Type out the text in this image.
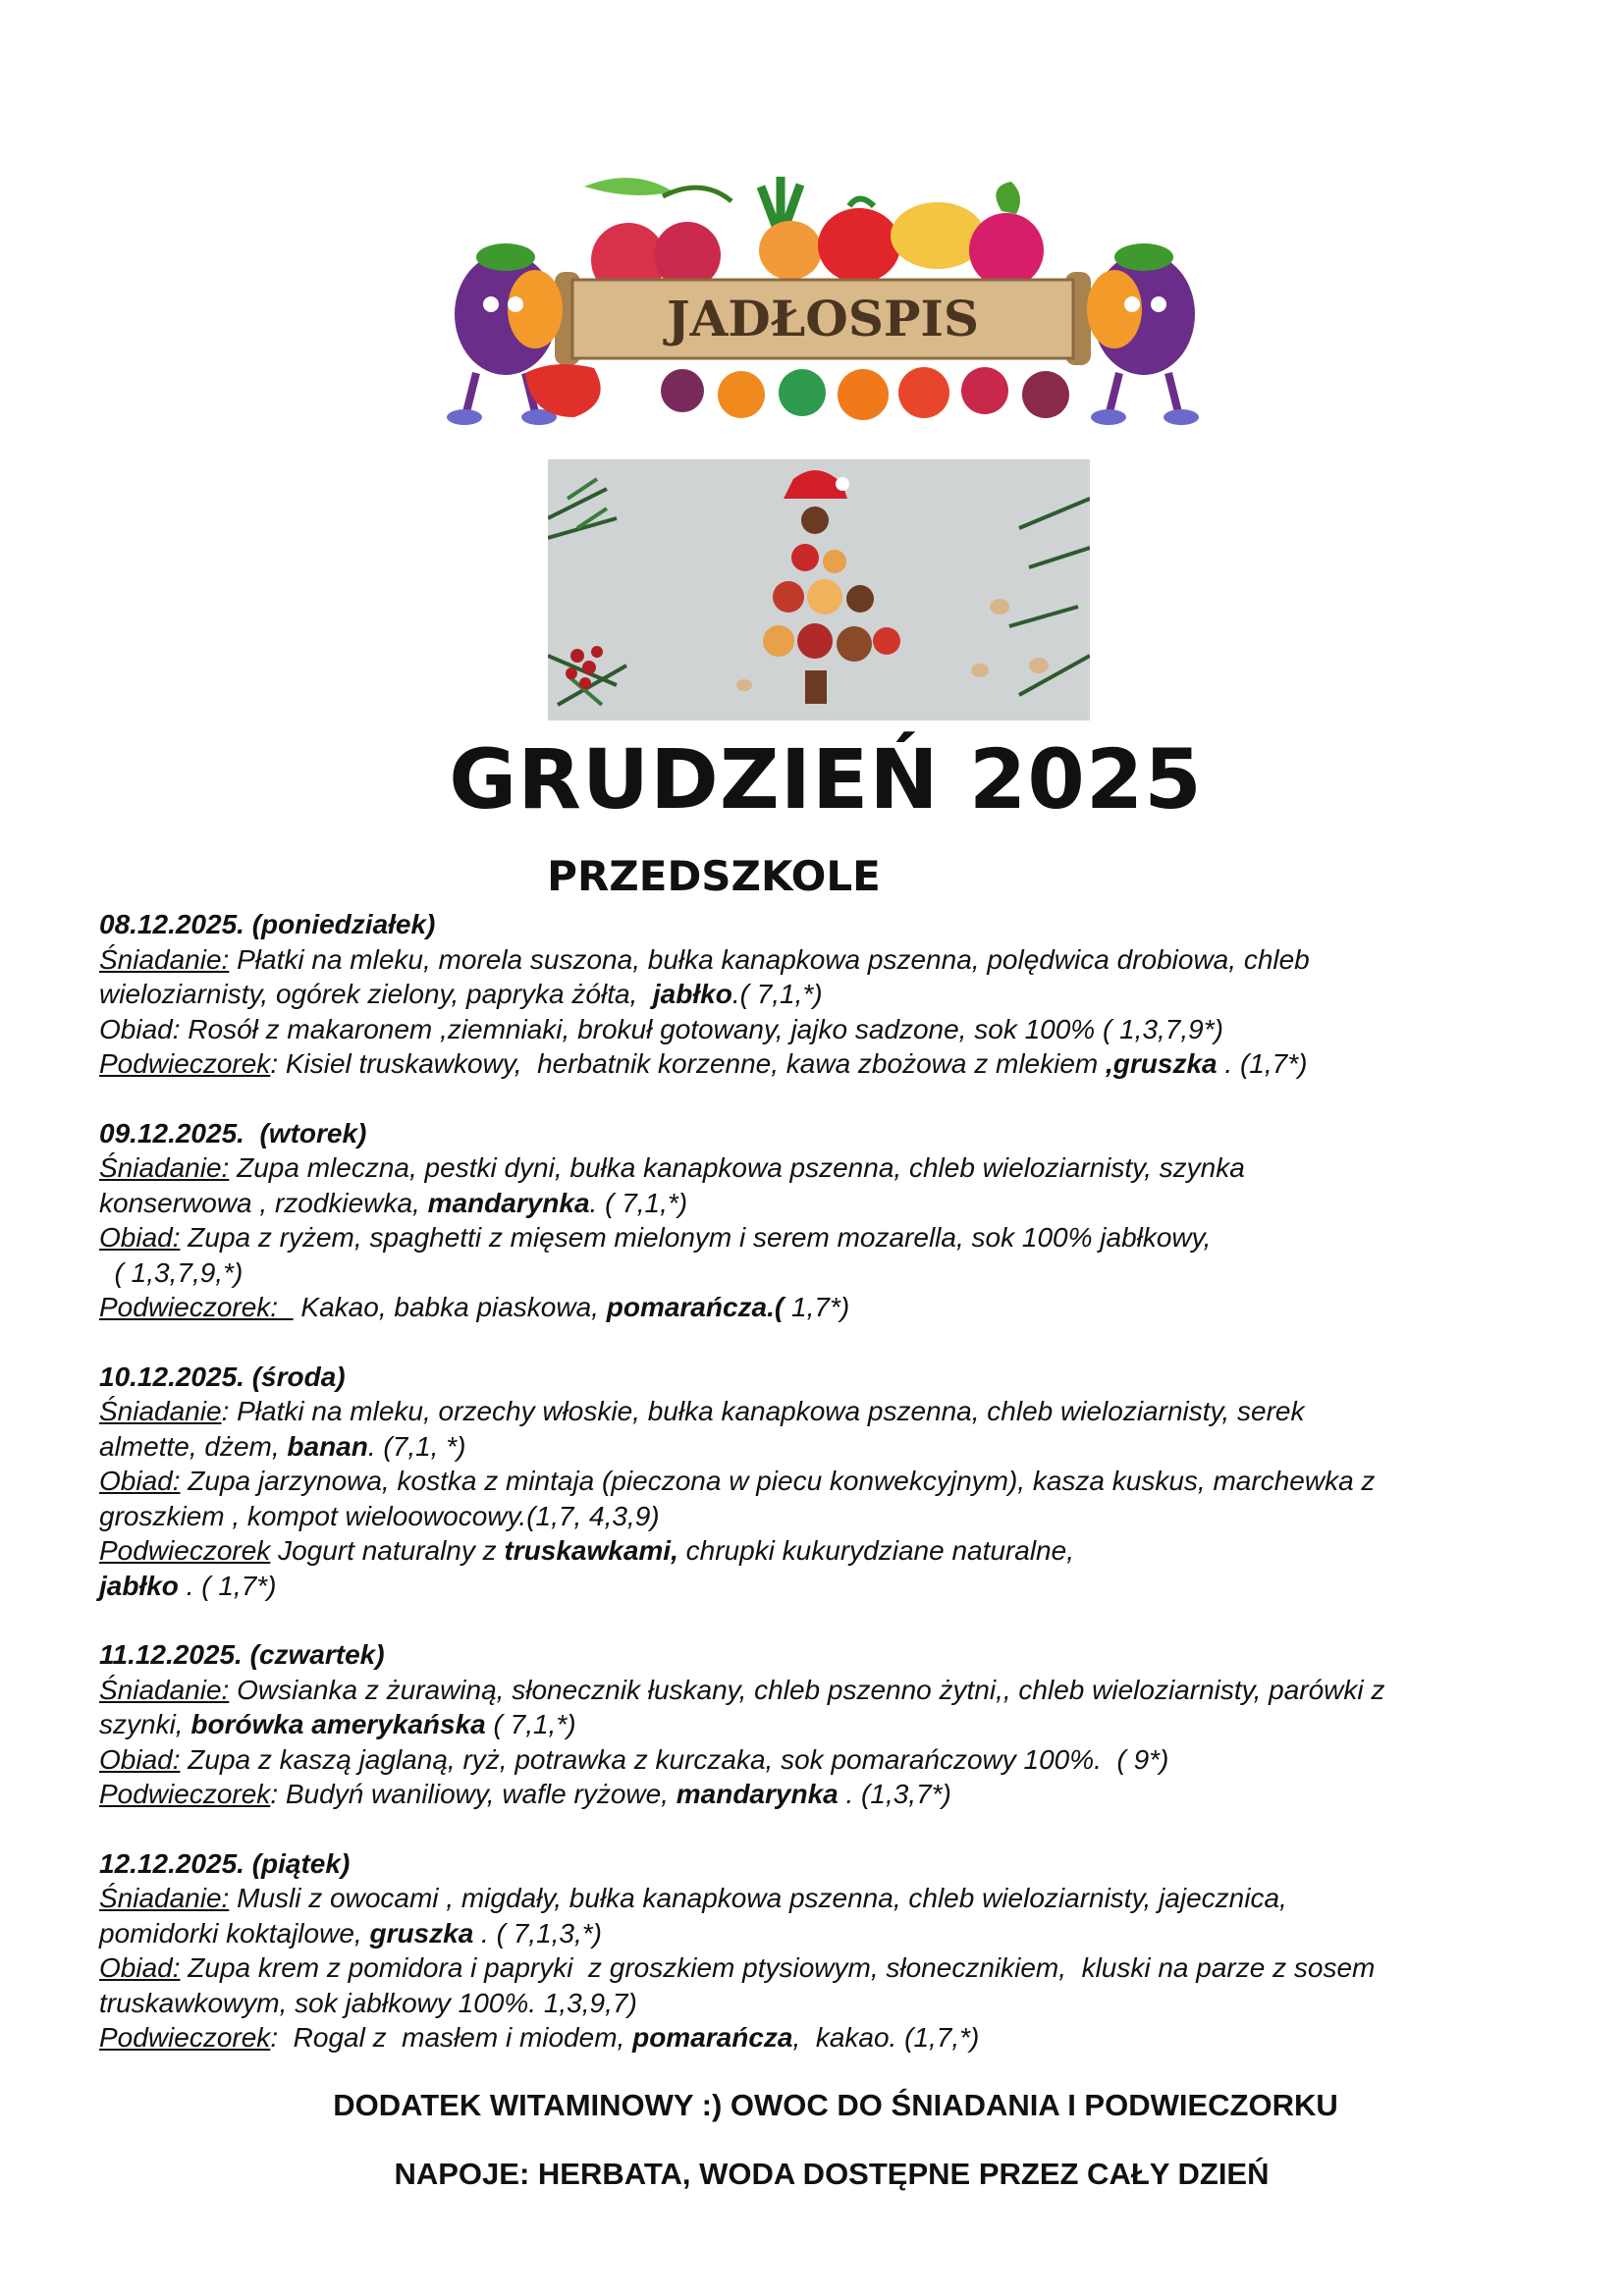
JADŁOSPIS
GRUDZIEŃ 2025
PRZEDSZKOLE
08.12.2025. (poniedziałek)
Śniadanie: Płatki na mleku, morela suszona, bułka kanapkowa pszenna, polędwica drobiowa, chleb
wieloziarnisty, ogórek zielony, papryka żółta,  jabłko.( 7,1,*)
Obiad: Rosół z makaronem ,ziemniaki, brokuł gotowany, jajko sadzone, sok 100% ( 1,3,7,9*)
Podwieczorek: Kisiel truskawkowy,  herbatnik korzenne, kawa zbożowa z mlekiem ,gruszka . (1,7*)
09.12.2025.  (wtorek)
Śniadanie: Zupa mleczna, pestki dyni, bułka kanapkowa pszenna, chleb wieloziarnisty, szynka
konserwowa , rzodkiewka, mandarynka. ( 7,1,*)
Obiad: Zupa z ryżem, spaghetti z mięsem mielonym i serem mozarella, sok 100% jabłkowy,
( 1,3,7,9,*)
Podwieczorek:   Kakao, babka piaskowa, pomarańcza.( 1,7*)
10.12.2025. (środa)
Śniadanie: Płatki na mleku, orzechy włoskie, bułka kanapkowa pszenna, chleb wieloziarnisty, serek
almette, dżem, banan. (7,1, *)
Obiad: Zupa jarzynowa, kostka z mintaja (pieczona w piecu konwekcyjnym), kasza kuskus, marchewka z
groszkiem , kompot wieloowocowy.(1,7, 4,3,9)
Podwieczorek Jogurt naturalny z truskawkami, chrupki kukurydziane naturalne,
jabłko . ( 1,7*)
11.12.2025. (czwartek)
Śniadanie: Owsianka z żurawiną, słonecznik łuskany, chleb pszenno żytni,, chleb wieloziarnisty, parówki z
szynki, borówka amerykańska ( 7,1,*)
Obiad: Zupa z kaszą jaglaną, ryż, potrawka z kurczaka, sok pomarańczowy 100%.  ( 9*)
Podwieczorek: Budyń waniliowy, wafle ryżowe, mandarynka . (1,3,7*)
12.12.2025. (piątek)
Śniadanie: Musli z owocami , migdały, bułka kanapkowa pszenna, chleb wieloziarnisty, jajecznica,
pomidorki koktajlowe, gruszka . ( 7,1,3,*)
Obiad: Zupa krem z pomidora i papryki  z groszkiem ptysiowym, słonecznikiem,  kluski na parze z sosem
truskawkowym, sok jabłkowy 100%. 1,3,9,7)
Podwieczorek:  Rogal z  masłem i miodem, pomarańcza,  kakao. (1,7,*)

DODATEK WITAMINOWY :) OWOC DO ŚNIADANIA I PODWIECZORKU

NAPOJE: HERBATA, WODA DOSTĘPNE PRZEZ CAŁY DZIEŃ
